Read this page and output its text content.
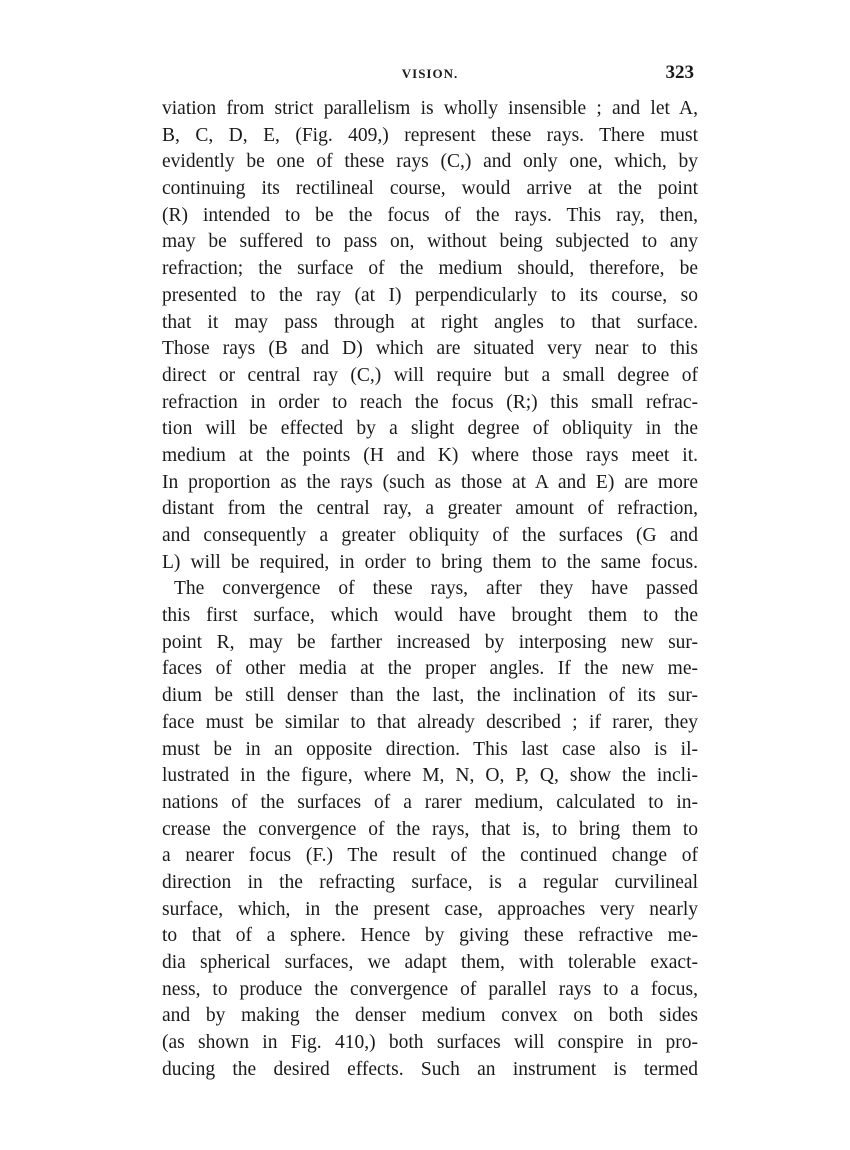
VISION.	323
viation from strict parallelism is wholly insensible ; and let A,
B, C, D, E, (Fig. 409,) represent these rays. There must
evidently be one of these rays (C,) and only one, which, by
continuing its rectilineal course, would arrive at the point
(R) intended to be the focus of the rays. This ray, then,
may be suffered to pass on, without being subjected to any
refraction; the surface of the medium should, therefore, be
presented to the ray (at I) perpendicularly to its course, so
that it may pass through at right angles to that surface.
Those rays (B and D) which are situated very near to this
direct or central ray (C,) will require but a small degree of
refraction in order to reach the focus (R;) this small refrac-
tion will be effected by a slight degree of obliquity in the
medium at the points (H and K) where those rays meet it.
In proportion as the rays (such as those at A and E) are more
distant from the central ray, a greater amount of refraction,
and consequently a greater obliquity of the surfaces (G and
L) will be required, in order to bring them to the same focus.
The convergence of these rays, after they have passed
this first surface, which would have brought them to the
point R, may be farther increased by interposing new sur-
faces of other media at the proper angles. If the new me-
dium be still denser than the last, the inclination of its sur-
face must be similar to that already described ; if rarer, they
must be in an opposite direction. This last case also is il-
lustrated in the figure, where M, N, O, P, Q, show the incli-
nations of the surfaces of a rarer medium, calculated to in-
crease the convergence of the rays, that is, to bring them to
a nearer focus (F.) The result of the continued change of
direction in the refracting surface, is a regular curvilineal
surface, which, in the present case, approaches very nearly
to that of a sphere. Hence by giving these refractive me-
dia spherical surfaces, we adapt them, with tolerable exact-
ness, to produce the convergence of parallel rays to a focus,
and by making the denser medium convex on both sides
(as shown in Fig. 410,) both surfaces will conspire in pro-
ducing the desired effects. Such an instrument is termed
